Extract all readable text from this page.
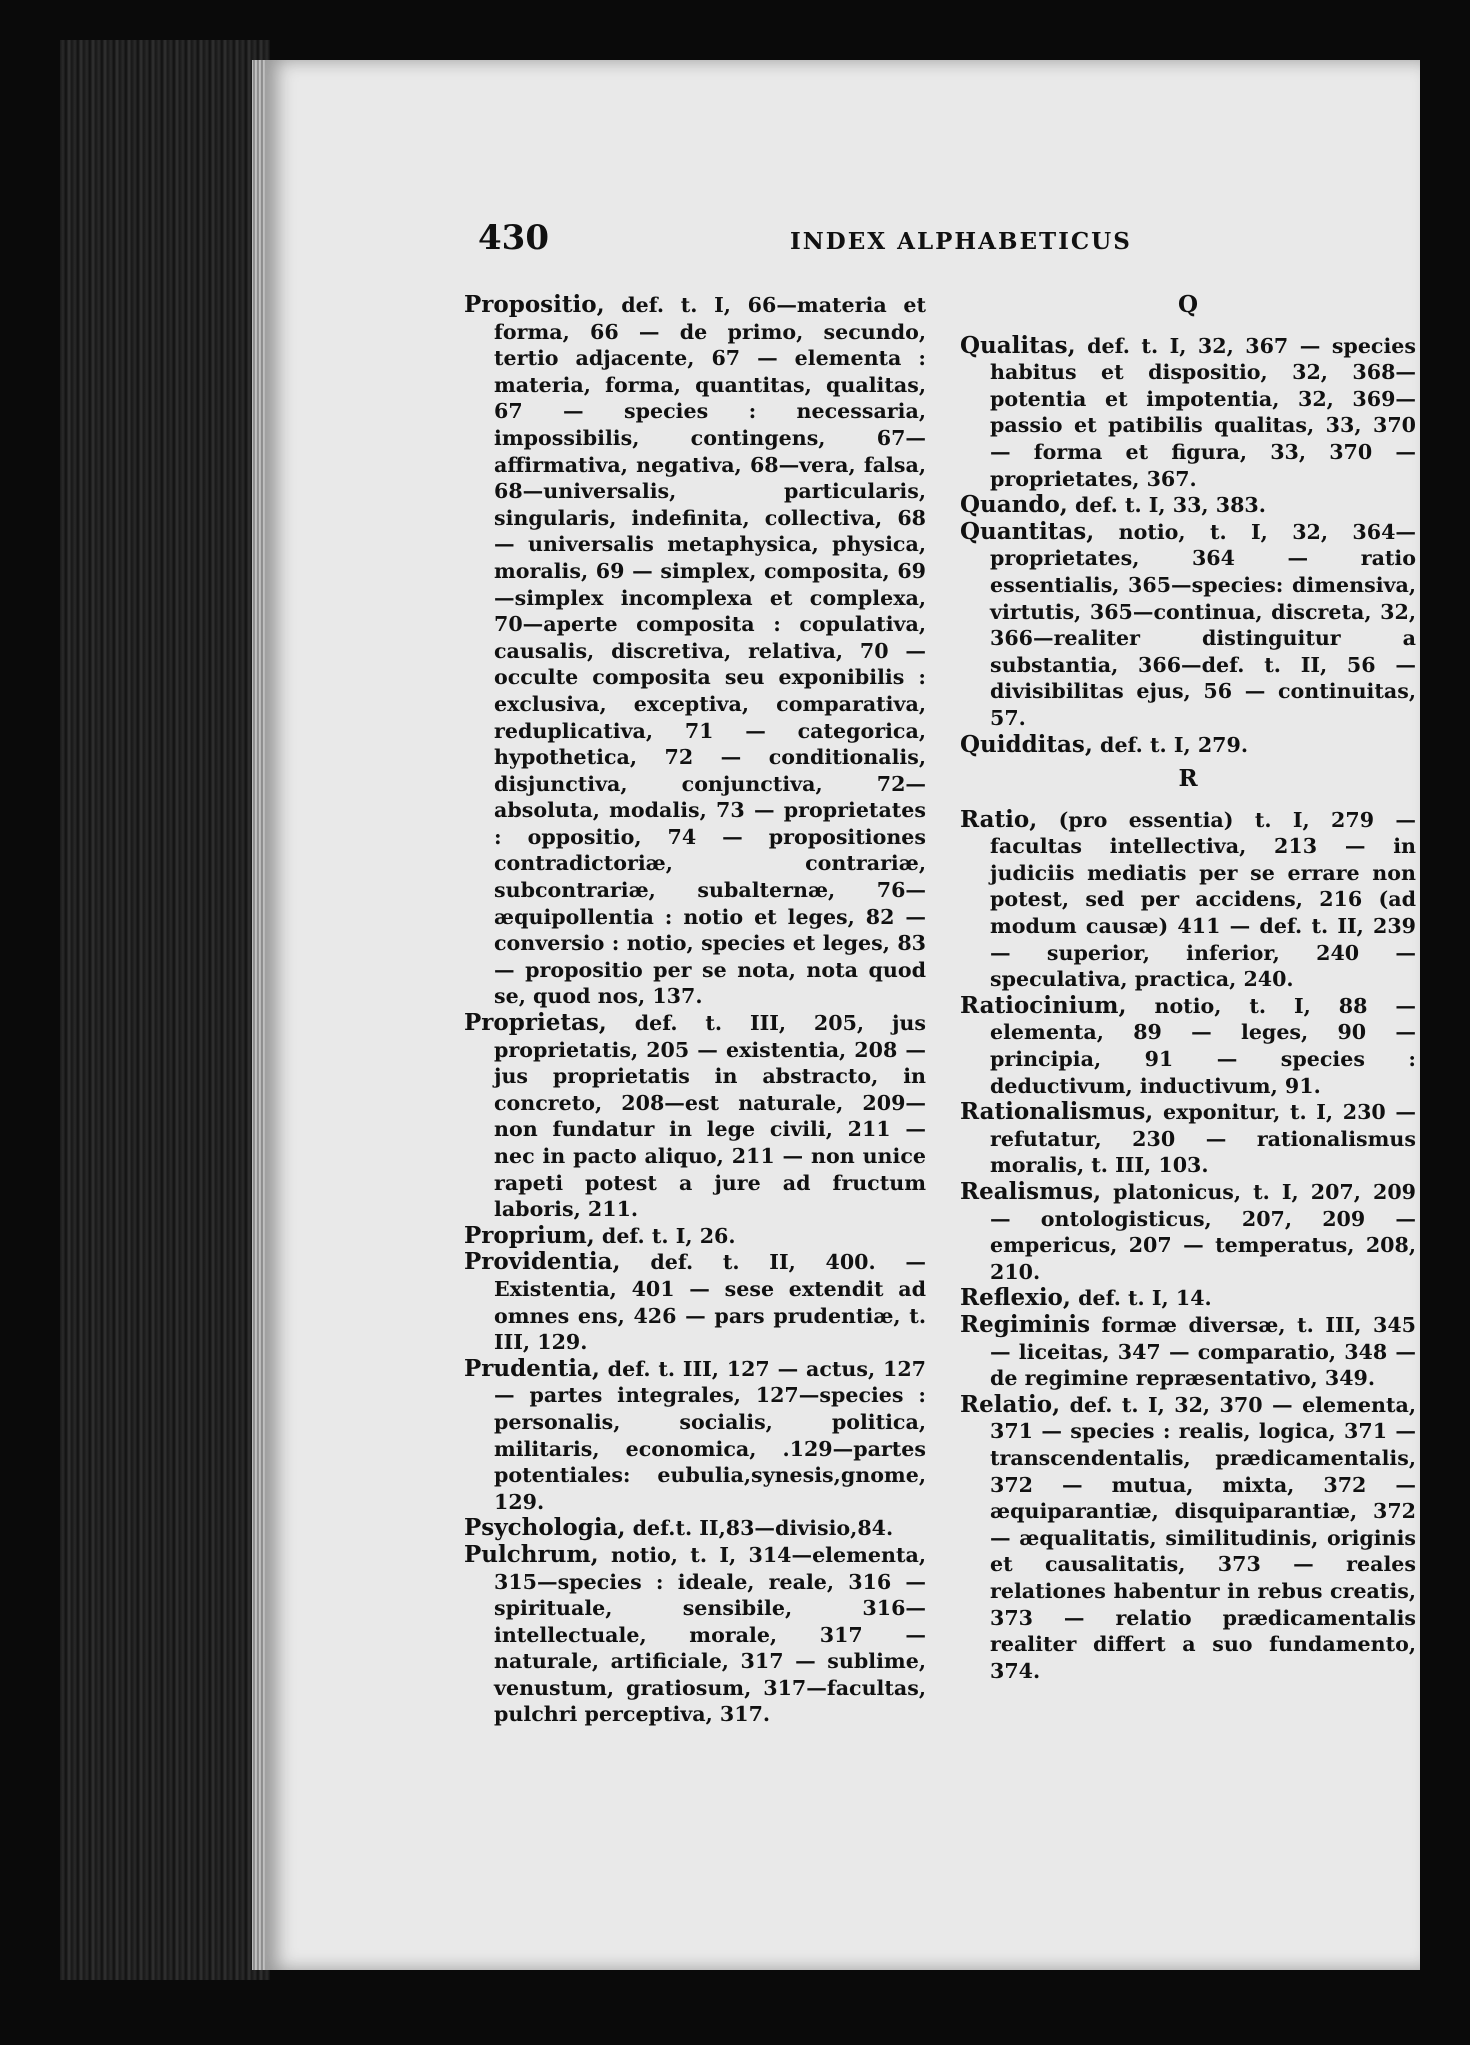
430	INDEX ALPHABETICUS

Propositio, def. t. I, 66—materia et forma, 66 — de primo, secundo, tertio adjacente, 67 — elementa : materia, forma, quantitas, qualitas, 67 — species : necessaria, impossibilis, contingens, 67—affirmativa, negativa, 68—vera, falsa, 68—universalis, particularis, singularis, indefinita, collectiva, 68 — universalis metaphysica, physica, moralis, 69 — simplex, composita, 69—simplex incomplexa et complexa, 70—aperte composita : copulativa, causalis, discretiva, relativa, 70 — occulte composita seu exponibilis : exclusiva, exceptiva, comparativa, reduplicativa, 71 — categorica, hypothetica, 72 — conditionalis, disjunctiva, conjunctiva, 72—absoluta, modalis, 73 — proprietates : oppositio, 74 — propositiones contradictoriæ, contrariæ, subcontrariæ, subalternæ, 76—æquipollentia : notio et leges, 82 — conversio : notio, species et leges, 83 — propositio per se nota, nota quod se, quod nos, 137.

Proprietas, def. t. III, 205, jus proprietatis, 205 — existentia, 208 — jus proprietatis in abstracto, in concreto, 208—est naturale, 209—non fundatur in lege civili, 211 — nec in pacto aliquo, 211 — non unice rapeti potest a jure ad fructum laboris, 211.

Proprium, def. t. I, 26.

Providentia, def. t. II, 400. — Existentia, 401 — sese extendit ad omnes ens, 426 — pars prudentiæ, t. III, 129.

Prudentia, def. t. III, 127 — actus, 127 — partes integrales, 127—species : personalis, socialis, politica, militaris, economica, .129—partes potentiales: eubulia,synesis,gnome, 129.

Psychologia, def.t. II,83—divisio,84.

Pulchrum, notio, t. I, 314—elementa, 315—species : ideale, reale, 316 —spirituale, sensibile, 316—intellectuale, morale, 317 — naturale, artificiale, 317 — sublime, venustum, gratiosum, 317—facultas, pulchri perceptiva, 317.

Q

Qualitas, def. t. I, 32, 367 — species habitus et dispositio, 32, 368—potentia et impotentia, 32, 369—passio et patibilis qualitas, 33, 370 — forma et figura, 33, 370 — proprietates, 367.

Quando, def. t. I, 33, 383.

Quantitas, notio, t. I, 32, 364—proprietates, 364 — ratio essentialis, 365—species: dimensiva, virtutis, 365—continua, discreta, 32, 366—realiter distinguitur a substantia, 366—def. t. II, 56 — divisibilitas ejus, 56 — continuitas, 57.

Quidditas, def. t. I, 279.

R

Ratio, (pro essentia) t. I, 279 — facultas intellectiva, 213 — in judiciis mediatis per se errare non potest, sed per accidens, 216 (ad modum causæ) 411 — def. t. II, 239 — superior, inferior, 240 — speculativa, practica, 240.

Ratiocinium, notio, t. I, 88 — elementa, 89 — leges, 90 — principia, 91 — species : deductivum, inductivum, 91.

Rationalismus, exponitur, t. I, 230 — refutatur, 230 — rationalismus moralis, t. III, 103.

Realismus, platonicus, t. I, 207, 209 — ontologisticus, 207, 209 — empericus, 207 — temperatus, 208, 210.

Reflexio, def. t. I, 14.

Regiminis formæ diversæ, t. III, 345 — liceitas, 347 — comparatio, 348 — de regimine repræsentativo, 349.

Relatio, def. t. I, 32, 370 — elementa, 371 — species : realis, logica, 371 — transcendentalis, prædicamentalis, 372 — mutua, mixta, 372 — æquiparantiæ, disquiparantiæ, 372 — æqualitatis, similitudinis, originis et causalitatis, 373 — reales relationes habentur in rebus creatis, 373 — relatio prædicamentalis realiter differt a suo fundamento, 374.
